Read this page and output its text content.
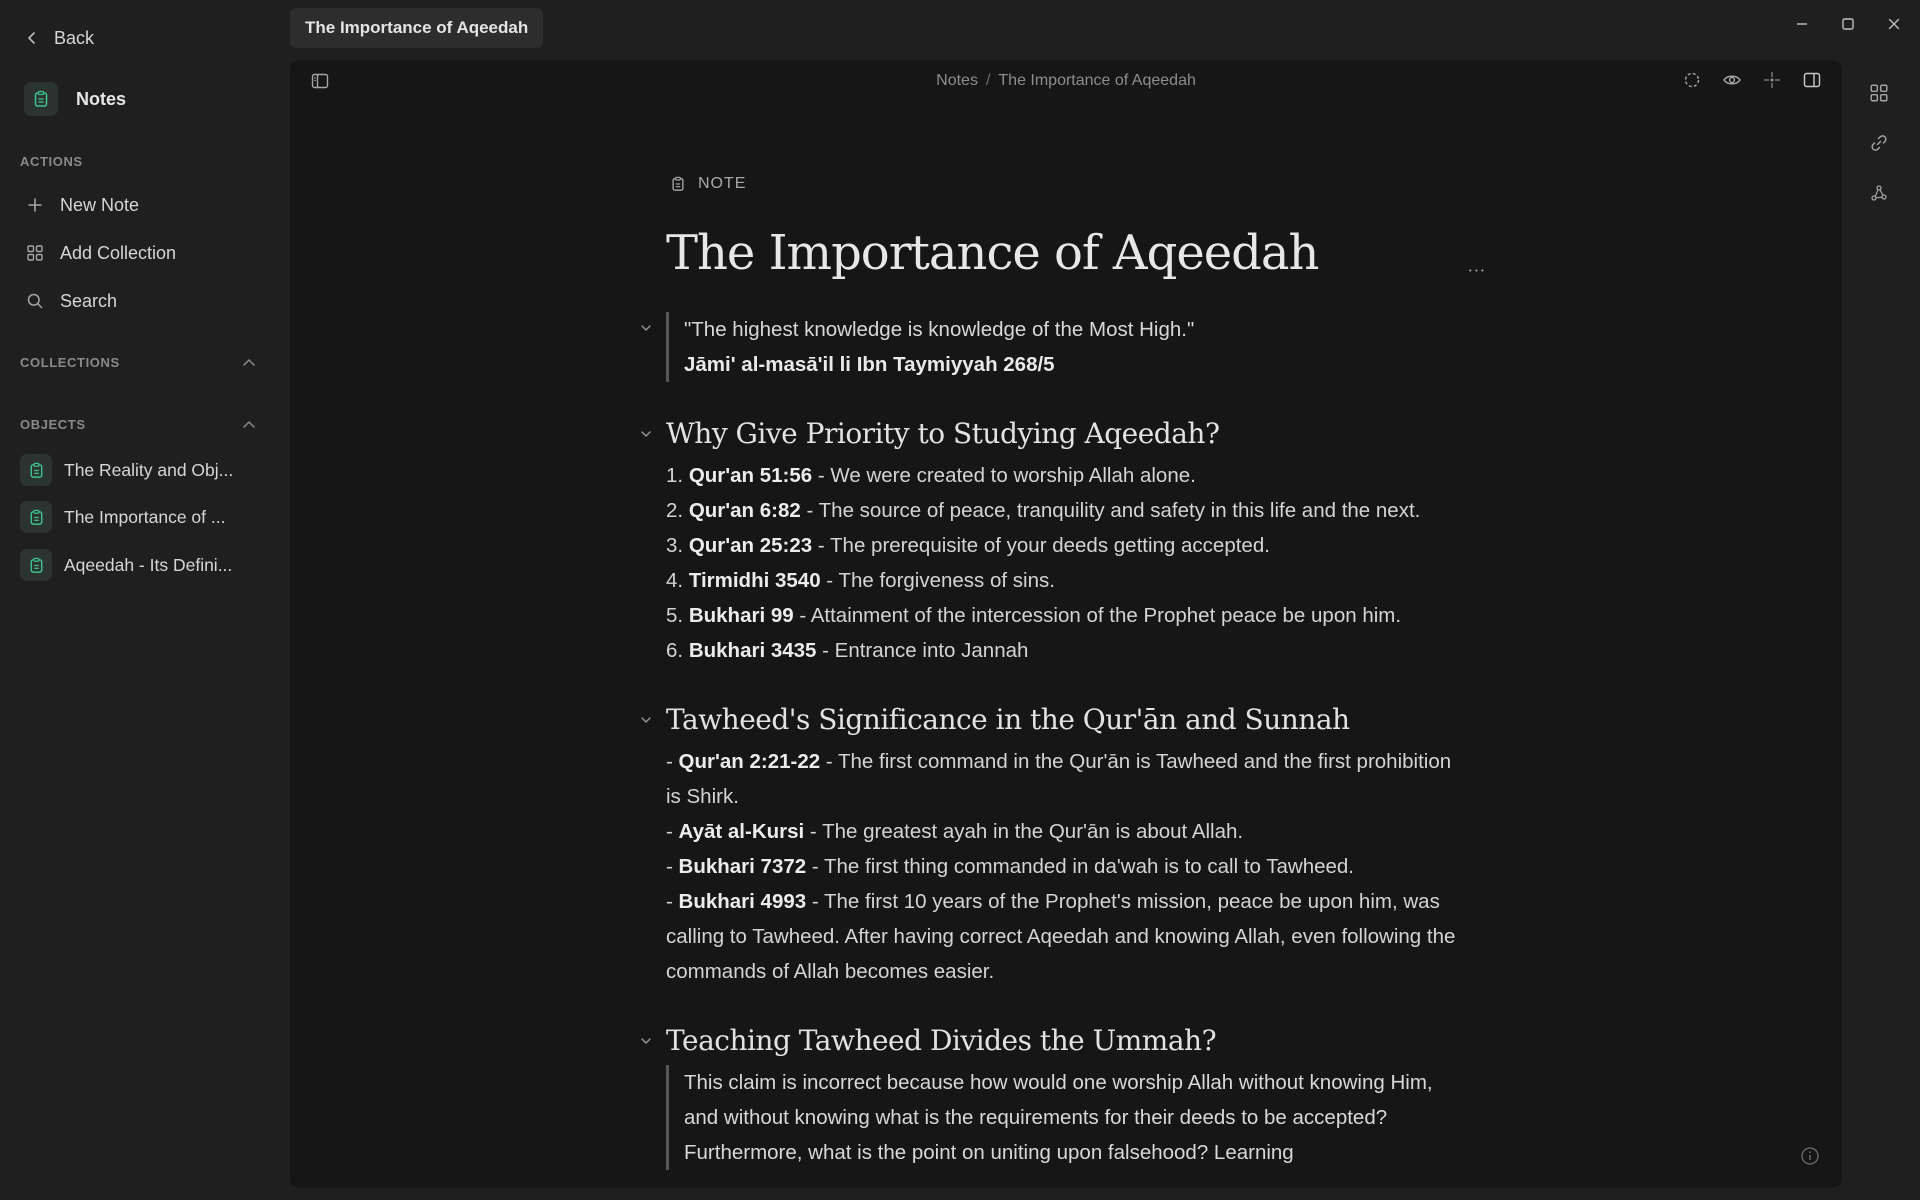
Back
Notes
ACTIONS
New Note
Add Collection
Search
COLLECTIONS
OBJECTS
The Reality and Obj...
The Importance of ...
Aqeedah - Its Defini...
The Importance of Aqeedah
Notes / The Importance of Aqeedah
NOTE
The Importance of Aqeedah	···
"The highest knowledge is knowledge of the Most High."
Jāmi' al-masā'il li Ibn Taymiyyah 268/5
Why Give Priority to Studying Aqeedah?
1. Qur'an 51:56 - We were created to worship Allah alone.
2. Qur'an 6:82 - The source of peace, tranquility and safety in this life and the next.
3. Qur'an 25:23 - The prerequisite of your deeds getting accepted.
4. Tirmidhi 3540 - The forgiveness of sins.
5. Bukhari 99 - Attainment of the intercession of the Prophet peace be upon him.
6. Bukhari 3435 - Entrance into Jannah
Tawheed's Significance in the Qur'ān and Sunnah
- Qur'an 2:21-22 - The first command in the Qur'ān is Tawheed and the first prohibition is Shirk.
- Ayāt al-Kursi - The greatest ayah in the Qur'ān is about Allah.
- Bukhari 7372 - The first thing commanded in da'wah is to call to Tawheed.
- Bukhari 4993 - The first 10 years of the Prophet's mission, peace be upon him, was calling to Tawheed. After having correct Aqeedah and knowing Allah, even following the commands of Allah becomes easier.
Teaching Tawheed Divides the Ummah?
This claim is incorrect because how would one worship Allah without knowing Him, and without knowing what is the requirements for their deeds to be accepted? Furthermore, what is the point on uniting upon falsehood? Learning
